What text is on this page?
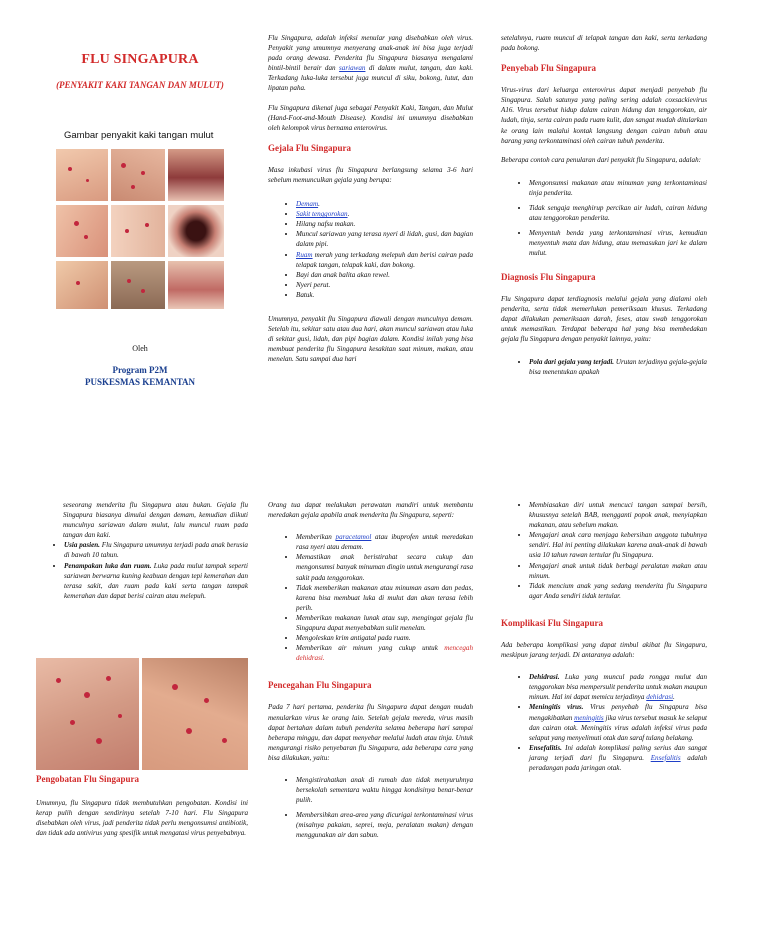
FLU SINGAPURA
(PENYAKIT KAKI TANGAN DAN MULUT)
Gambar penyakit kaki tangan mulut
Oleh
Program P2M
PUSKESMAS KEMANTAN

Flu Singapura, adalah infeksi menular yang disebabkan oleh virus. Penyakit yang umumnya menyerang anak-anak ini bisa juga terjadi pada orang dewasa. Penderita flu Singapura biasanya mengalami bintil-bintil berair dan sariawan di dalam mulut, tangan, dan kaki. Terkadang luka-luka tersebut juga muncul di siku, bokong, lutut, dan lipatan paha.

Flu Singapura dikenal juga sebagai Penyakit Kaki, Tangan, dan Mulut (Hand-Foot-and-Mouth Disease). Kondisi ini umumnya disebabkan oleh kelompok virus bernama enterovirus.

Gejala Flu Singapura

Masa inkubasi virus flu Singapura berlangsung selama 3-6 hari sebelum memunculkan gejala yang berupa:

• Demam.
• Sakit tenggorokan.
• Hilang nafsu makan.
• Muncul sariawan yang terasa nyeri di lidah, gusi, dan bagian dalam pipi.
• Ruam merah yang terkadang melepuh dan berisi cairan pada telapak tangan, telapak kaki, dan bokong.
• Bayi dan anak balita akan rewel.
• Nyeri perut.
• Batuk.

Umumnya, penyakit flu Singapura diawali dengan munculnya demam. Setelah itu, sekitar satu atau dua hari, akan muncul sariawan atau luka di sekitar gusi, lidah, dan pipi bagian dalam. Kondisi inilah yang bisa membuat penderita flu Singapura kesakitan saat minum, makan, atau menelan. Satu sampai dua hari

setelahnya, ruam muncul di telapak tangan dan kaki, serta terkadang pada bokong.

Penyebab Flu Singapura

Virus-virus dari keluarga enterovirus dapat menjadi penyebab flu Singapura. Salah satunya yang paling sering adalah coxsackievirus A16. Virus tersebut hidup dalam cairan hidung dan tenggorokan, air ludah, tinja, serta cairan pada ruam kulit, dan sangat mudah ditularkan ke orang lain malalui kontak langsung dengan cairan tubuh atau barang yang terkontaminasi oleh cairan tubuh penderita.

Beberapa contoh cara penularan dari penyakit flu Singapura, adalah:

• Mengonsumsi makanan atau minuman yang terkontaminasi tinja penderita.
• Tidak sengaja menghirup percikan air ludah, cairan hidung atau tenggorokan penderita.
• Menyentuh benda yang terkontaminasi virus, kemudian menyentuh mata dan hidung, atau memasukan jari ke dalam mulut.
Diagnosis Flu Singapura

Flu Singapura dapat terdiagnosis melalui gejala yang dialami oleh penderita, serta tidak memerlukan pemeriksaan khusus. Terkadang dapat dilakukan pemeriksaan darah, feses, atau swab tenggorokan untuk memastikan. Terdapat beberapa hal yang bisa membedakan gejala flu Singapura dengan penyakit lainnya, yaitu:

• Pola dari gejala yang terjadi. Urutan terjadinya gejala-gejala bisa menentukan apakah

seseorang menderita flu Singapura atau bukan. Gejala flu Singapura biasanya dimulai dengan demam, kemudian diikuti munculnya sariawan dalam mulut, lalu muncul ruam pada tangan dan kaki.

• Usia pasien. Flu Singapura umumnya terjadi pada anak berusia di bawah 10 tahun.
• Penampakan luka dan ruam. Luka pada mulut tampak seperti sariawan berwarna kuning keabuan dengan tepi kemerahan dan terasa sakit, dan ruam pada kaki serta tangan tampak kemerahan dan dapat berisi cairan atau melepuh.
Pengobatan Flu Singapura

Umumnya, flu Singapura tidak membutuhkan pengobatan. Kondisi ini kerap pulih dengan sendirinya setelah 7-10 hari. Flu Singapura disebabkan oleh virus, jadi penderita tidak perlu mengonsumsi antibiotik, dan tidak ada antivirus yang spesifik untuk mengatasi virus penyebabnya.

Orang tua dapat melakukan perawatan mandiri untuk membantu meredakan gejala apabila anak menderita flu Singapura, seperti:

• Memberikan paracetamol atau ibuprofen untuk meredakan rasa nyeri atau demam.
• Memastikan anak beristirahat secara cukup dan mengonsumsi banyak minuman dingin untuk mengurangi rasa sakit pada tenggorokan.
• Tidak memberikan makanan atau minuman asam dan pedas, karena bisa membuat luka di mulut dan akan terasa lebih perih.
• Memberikan makanan lunak atau sup, mengingat gejala flu Singapura dapat menyebabkan sulit menelan.
• Mengoleskan krim antigatal pada ruam.
• Memberikan air minum yang cukup untuk mencegah dehidrasi.
Pencegahan Flu Singapura

Pada 7 hari pertama, penderita flu Singapura dapat dengan mudah menularkan virus ke orang lain. Setelah gejala mereda, virus masih dapat bertahan dalam tubuh penderita selama beberapa hari sampai beberapa minggu, dan dapat menyebar melalui ludah atau tinja. Untuk mengurangi risiko penyebaran flu Singapura, ada beberapa cara yang bisa dilakukan, yaitu:

• Mengistirahatkan anak di rumah dan tidak menyuruhnya bersekolah sementara waktu hingga kondisinya benar-benar pulih.
• Membersihkan area-area yang dicurigai terkontaminasi virus (misalnya pakaian, seprei, meja, peralatan makan) dengan menggunakan air dan sabun.
• Membiasakan diri untuk mencuci tangan sampai bersih, khususnya setelah BAB, mengganti popok anak, menyiapkan makanan, atau sebelum makan.
• Mengajari anak cara menjaga kebersihan anggota tubuhnya sendiri. Hal ini penting dilakukan karena anak-anak di bawah usia 10 tahun rawan tertular flu Singapura.
• Mengajari anak untuk tidak berbagi peralatan makan atau minum.
• Tidak mencium anak yang sedang menderita flu Singapura agar Anda sendiri tidak tertular.
Komplikasi Flu Singapura

Ada beberapa komplikasi yang dapat timbul akibat flu Singapura, meskipun jarang terjadi. Di antaranya adalah:

• Dehidrasi. Luka yang muncul pada rongga mulut dan tenggorokan bisa mempersulit penderita untuk makan maupun minum. Hal ini dapat memicu terjadinya dehidrasi.
• Meningitis virus. Virus penyebab flu Singapura bisa mengakibatkan meningitis jika virus tersebut masuk ke selaput dan cairan otak. Meningitis virus adalah infeksi virus pada selaput yang menyelimuti otak dan saraf tulang belakang.
• Ensefalitis. Ini adalah komplikasi paling serius dan sangat jarang terjadi dari flu Singapura. Ensefalitis adalah peradangan pada jaringan otak.
